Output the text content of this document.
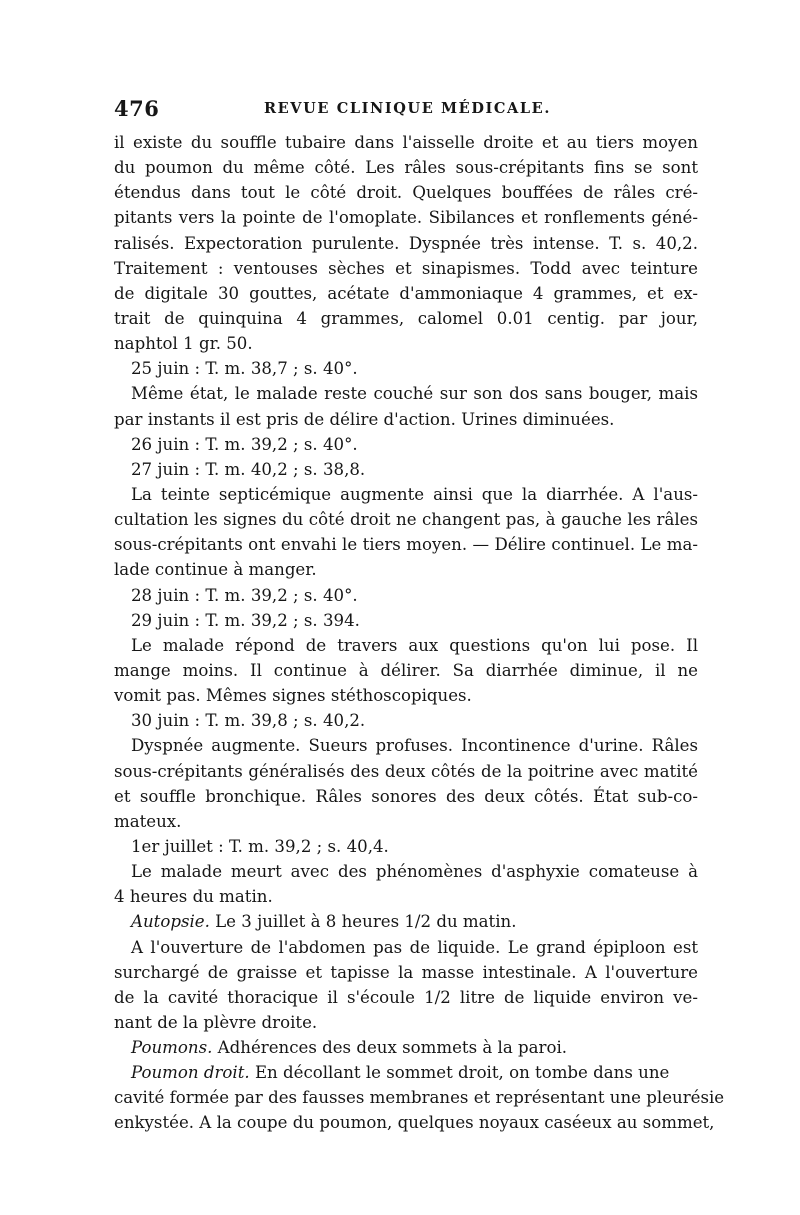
476	REVUE CLINIQUE MÉDICALE.
il existe du souffle tubaire dans l'aisselle droite et au tiers moyen
du poumon du même côté. Les râles sous-crépitants fins se sont
étendus dans tout le côté droit. Quelques bouffées de râles cré-
pitants vers la pointe de l'omoplate. Sibilances et ronflements géné-
ralisés. Expectoration purulente. Dyspnée très intense. T. s. 40,2.
Traitement : ventouses sèches et sinapismes. Todd avec teinture
de digitale 30 gouttes, acétate d'ammoniaque 4 grammes, et ex-
trait de quinquina 4 grammes, calomel 0.01 centig. par jour,
naphtol 1 gr. 50.
25 juin : T. m. 38,7 ; s. 40°.
Même état, le malade reste couché sur son dos sans bouger, mais
par instants il est pris de délire d'action. Urines diminuées.
26 juin : T. m. 39,2 ; s. 40°.
27 juin : T. m. 40,2 ; s. 38,8.
La teinte septicémique augmente ainsi que la diarrhée. A l'aus-
cultation les signes du côté droit ne changent pas, à gauche les râles
sous-crépitants ont envahi le tiers moyen. — Délire continuel. Le ma-
lade continue à manger.
28 juin : T. m. 39,2 ; s. 40°.
29 juin : T. m. 39,2 ; s. 394.
Le malade répond de travers aux questions qu'on lui pose. Il
mange moins. Il continue à délirer. Sa diarrhée diminue, il ne
vomit pas. Mêmes signes stéthoscopiques.
30 juin : T. m. 39,8 ; s. 40,2.
Dyspnée augmente. Sueurs profuses. Incontinence d'urine. Râles
sous-crépitants généralisés des deux côtés de la poitrine avec matité
et souffle bronchique. Râles sonores des deux côtés. État sub-co-
mateux.
1er juillet : T. m. 39,2 ; s. 40,4.
Le malade meurt avec des phénomènes d'asphyxie comateuse à
4 heures du matin.
Autopsie. Le 3 juillet à 8 heures 1/2 du matin.
A l'ouverture de l'abdomen pas de liquide. Le grand épiploon est
surchargé de graisse et tapisse la masse intestinale. A l'ouverture
de la cavité thoracique il s'écoule 1/2 litre de liquide environ ve-
nant de la plèvre droite.
Poumons. Adhérences des deux sommets à la paroi.
Poumon droit. En décollant le sommet droit, on tombe dans une
cavité formée par des fausses membranes et représentant une pleurésie
enkystée. A la coupe du poumon, quelques noyaux caséeux au sommet,
